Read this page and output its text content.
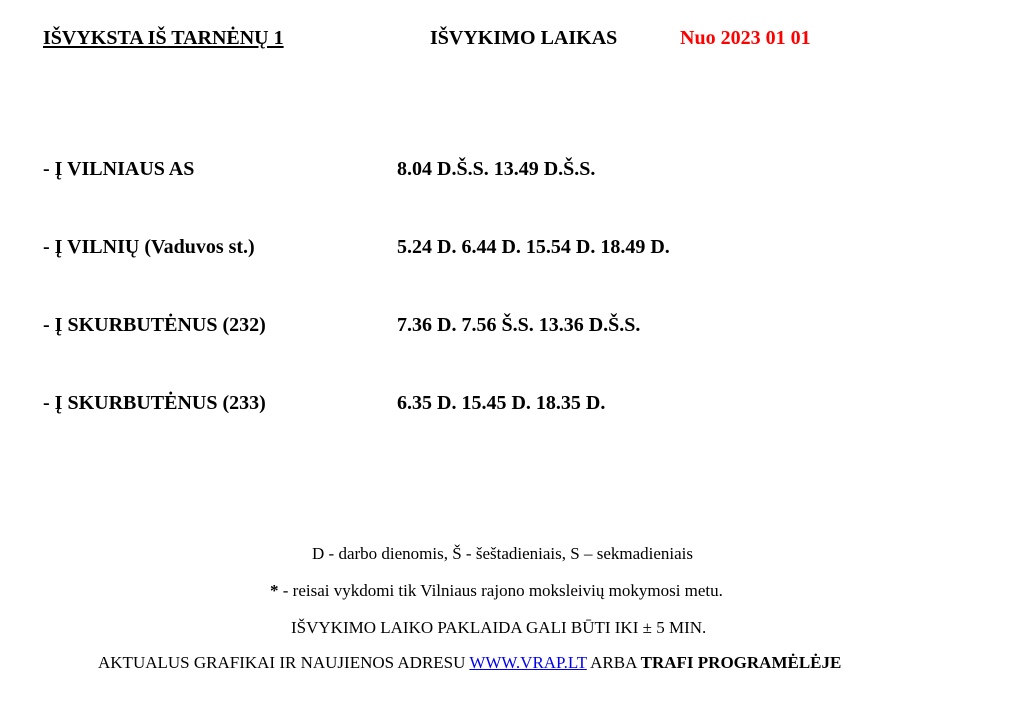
IŠVYKSTA IŠ TARNĖNŲ 1	IŠVYKIMO LAIKAS	Nuo 2023 01 01
- Į VILNIAUS AS	8.04 D.Š.S. 13.49 D.Š.S.
- Į VILNIŲ (Vaduvos st.)	5.24 D. 6.44 D. 15.54 D. 18.49 D.
- Į SKURBUTĖNUS (232)	7.36 D. 7.56 Š.S. 13.36 D.Š.S.
- Į SKURBUTĖNUS (233)	6.35 D. 15.45 D. 18.35 D.
D - darbo dienomis, Š - šeštadieniais, S – sekmadieniais
* - reisai vykdomi tik Vilniaus rajono moksleivių mokymosi metu.
IŠVYKIMO LAIKO PAKLAIDA GALI BŪTI IKI ± 5 MIN.
AKTUALUS GRAFIKAI IR NAUJIENOS ADRESU WWW.VRAP.LT ARBA TRAFI PROGRAMĖLĖJE
